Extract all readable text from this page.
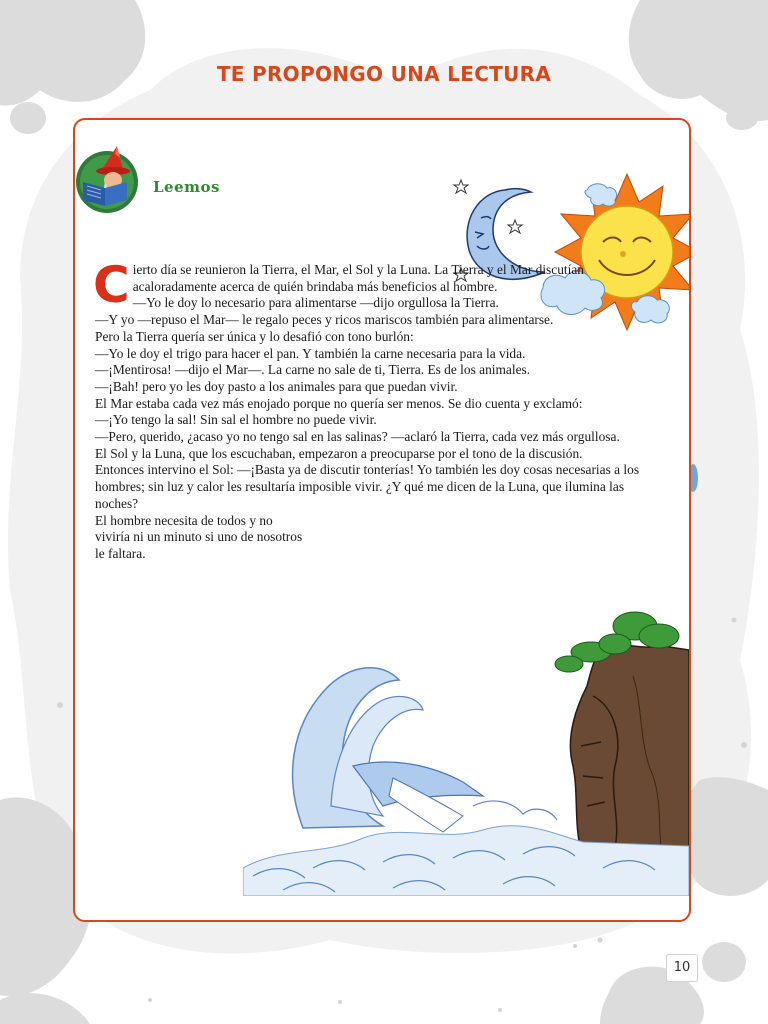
TE PROPONGO UNA LECTURA

Leemos

C ierto día se reunieron la Tierra, el Mar, el Sol y la Luna. La Tierra y el Mar discutían acaloradamente acerca de quién brindaba más beneficios al hombre.

—Yo le doy lo necesario para alimentarse —dijo orgullosa la Tierra.

—Y yo —repuso el Mar— le regalo peces y ricos mariscos también para alimentarse.

Pero la Tierra quería ser única y lo desafió con tono burlón:

—Yo le doy el trigo para hacer el pan. Y también la carne necesaria para la vida.

—¡Mentirosa! —dijo el Mar—. La carne no sale de ti, Tierra. Es de los animales.

—¡Bah! pero yo les doy pasto a los animales para que puedan vivir.

El Mar estaba cada vez más enojado porque no quería ser menos. Se dio cuenta y exclamó:

—¡Yo tengo la sal! Sin sal el hombre no puede vivir.

—Pero, querido, ¿acaso yo no tengo sal en las salinas? —aclaró la Tierra, cada vez más orgullosa.

El Sol y la Luna, que los escuchaban, empezaron a preocuparse por el tono de la discusión.

Entonces intervino el Sol: —¡Basta ya de discutir tonterías! Yo también les doy cosas necesarias a los hombres; sin luz y calor les resultaría imposible vivir. ¿Y qué me dicen de la Luna, que ilumina las noches?

El hombre necesita de todos y no viviría ni un minuto si uno de nosotros le faltara.

10
